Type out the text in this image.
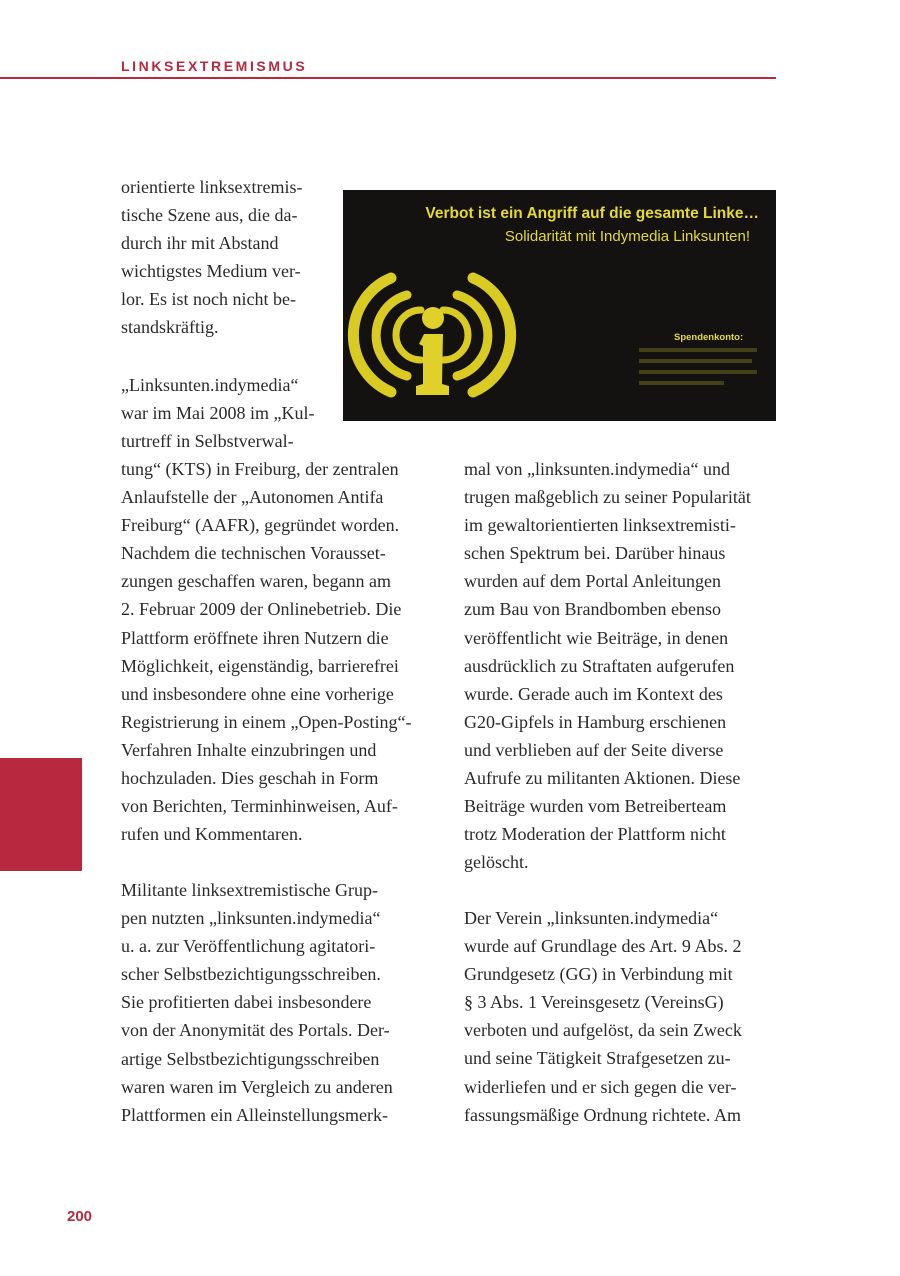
LINKSEXTREMISMUS

orientierte linksextremis-
tische Szene aus, die da-
durch ihr mit Abstand
wichtigstes Medium ver-
lor. Es ist noch nicht be-
standskräftig.

„Linksunten.indymedia“
war im Mai 2008 im „Kul-
turtreff in Selbstverwal-

tung“ (KTS) in Freiburg, der zentralen
Anlaufstelle der „Autonomen Antifa
Freiburg“ (AAFR), gegründet worden.
Nachdem die technischen Vorausset-
zungen geschaffen waren, begann am
2. Februar 2009 der Onlinebetrieb. Die
Plattform eröffnete ihren Nutzern die
Möglichkeit, eigenständig, barrierefrei
und insbesondere ohne eine vorherige
Registrierung in einem „Open-Posting“-
Verfahren Inhalte einzubringen und
hochzuladen. Dies geschah in Form
von Berichten, Terminhinweisen, Auf-
rufen und Kommentaren.

Militante linksextremistische Grup-
pen nutzten „linksunten.indymedia“
u. a. zur Veröffentlichung agitatori-
scher Selbstbezichtigungsschreiben.
Sie profitierten dabei insbesondere
von der Anonymität des Portals. Der-
artige Selbstbezichtigungsschreiben
waren waren im Vergleich zu anderen
Plattformen ein Alleinstellungsmerk-

mal von „linksunten.indymedia“ und
trugen maßgeblich zu seiner Popularität
im gewaltorientierten linksextremisti-
schen Spektrum bei. Darüber hinaus
wurden auf dem Portal Anleitungen
zum Bau von Brandbomben ebenso
veröffentlicht wie Beiträge, in denen
ausdrücklich zu Straftaten aufgerufen
wurde. Gerade auch im Kontext des
G20-Gipfels in Hamburg erschienen
und verblieben auf der Seite diverse
Aufrufe zu militanten Aktionen. Diese
Beiträge wurden vom Betreiberteam
trotz Moderation der Plattform nicht
gelöscht.

Der Verein „linksunten.indymedia“
wurde auf Grundlage des Art. 9 Abs. 2
Grundgesetz (GG) in Verbindung mit
§ 3 Abs. 1 Vereinsgesetz (VereinsG)
verboten und aufgelöst, da sein Zweck
und seine Tätigkeit Strafgesetzen zu-
widerliefen und er sich gegen die ver-
fassungsmäßige Ordnung richtete. Am

Verbot ist ein Angriff auf die gesamte Linke…
Solidarität mit Indymedia Linksunten!
Spendenkonto:
200
